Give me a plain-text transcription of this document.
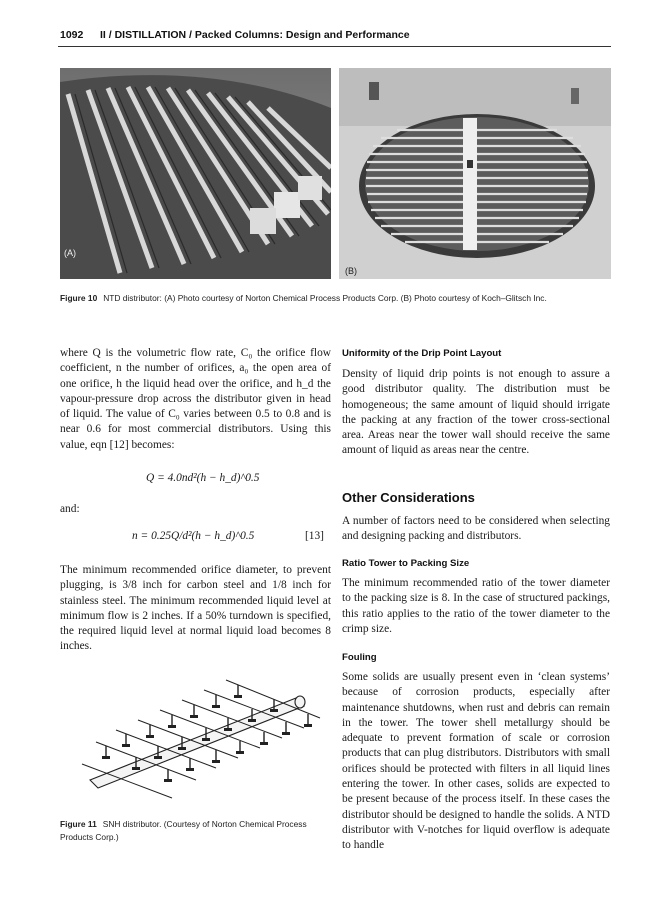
1092 II / DISTILLATION / Packed Columns: Design and Performance
(A)
(B)
Figure 10 NTD distributor: (A) Photo courtesy of Norton Chemical Process Products Corp. (B) Photo courtesy of Koch–Glitsch Inc.

where Q is the volumetric flow rate, C₀ the orifice flow coefficient, n the number of orifices, a₀ the open area of one orifice, h the liquid head over the orifice, and h_d the vapour-pressure drop across the distributor given in head of liquid. The value of C₀ varies between 0.5 to 0.8 and is near 0.6 for most commercial distributors. Using this value, eqn [12] becomes:

Q = 4.0nd²(h − h_d)^0.5

and:

n = 0.25Q/d²(h − h_d)^0.5	[13]

The minimum recommended orifice diameter, to prevent plugging, is 3/8 inch for carbon steel and 1/8 inch for stainless steel. The minimum recommended liquid level at minimum flow is 2 inches. If a 50% turndown is specified, the required liquid level at normal liquid load becomes 8 inches.

Figure 11 SNH distributor. (Courtesy of Norton Chemical Process Products Corp.)
Uniformity of the Drip Point Layout

Density of liquid drip points is not enough to assure a good distributor quality. The distribution must be homogeneous; the same amount of liquid should irrigate the packing at any fraction of the tower cross-sectional area. Areas near the tower wall should receive the same amount of liquid as areas near the centre.

Other Considerations

A number of factors need to be considered when selecting and designing packing and distributors.

Ratio Tower to Packing Size

The minimum recommended ratio of the tower diameter to the packing size is 8. In the case of structured packings, this ratio applies to the ratio of the tower diameter to the crimp size.

Fouling

Some solids are usually present even in ‘clean systems’ because of corrosion products, especially after maintenance shutdowns, when rust and debris can remain in the tower. The tower shell metallurgy should be adequate to prevent formation of scale or corrosion products that can plug distributors. Distributors with small orifices should be protected with filters in all liquid lines entering the tower. In other cases, solids are expected to be present because of the process itself. In these cases the distributor should be designed to handle the solids. A NTD distributor with V-notches for liquid overflow is adequate to handle
